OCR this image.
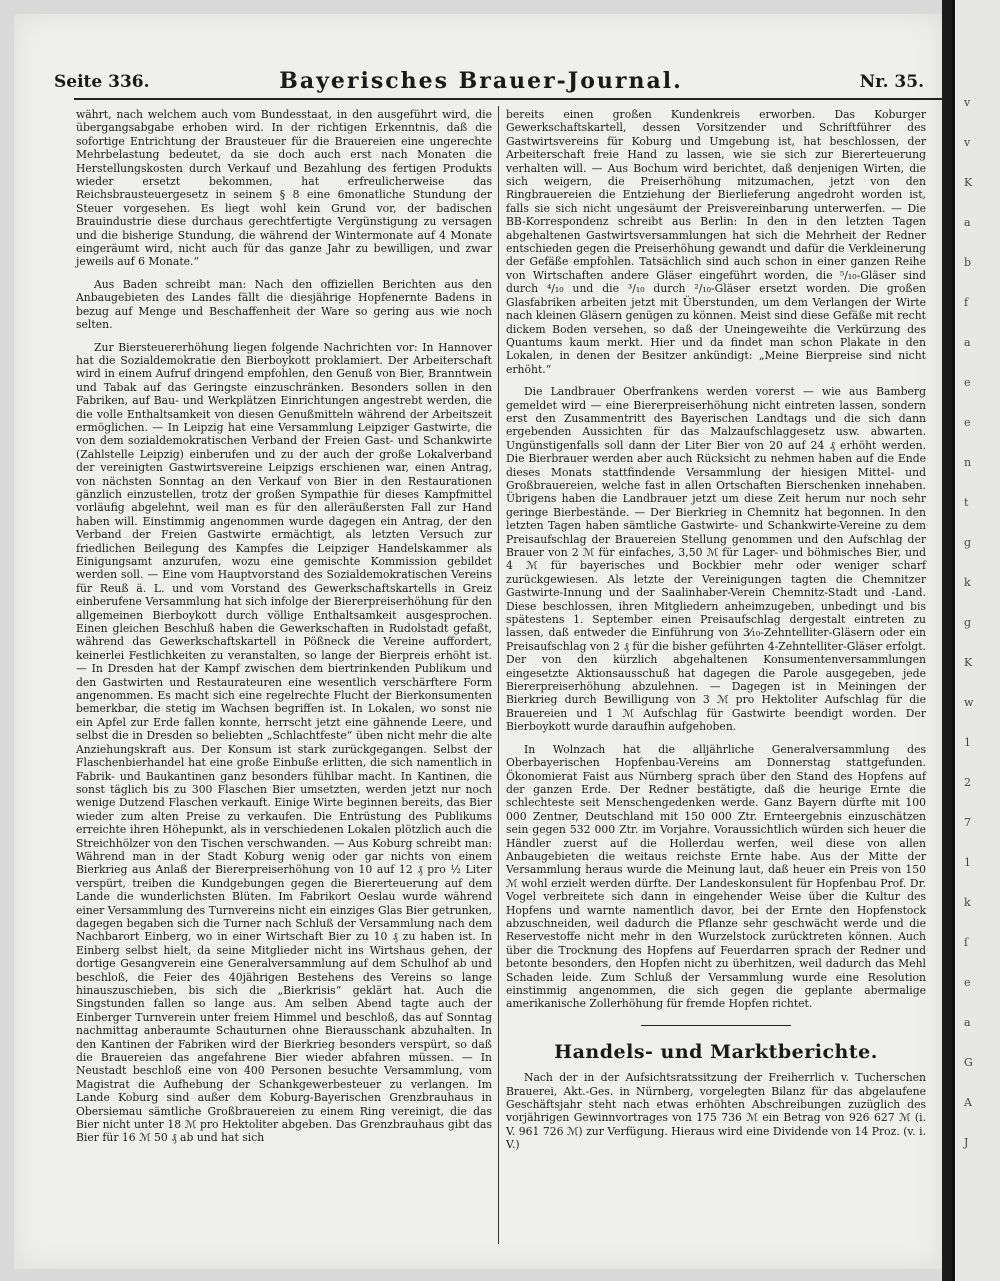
Seite 336.	Bayerisches Brauer-Journal.	Nr. 35.

währt, nach welchem auch vom Bundesstaat, in den ausgeführt wird, die übergangsabgabe erhoben wird. In der richtigen Erkenntnis, daß die sofortige Entrichtung der Brausteuer für die Brauereien eine ungerechte Mehrbelastung bedeutet, da sie doch auch erst nach Monaten die Herstellungskosten durch Verkauf und Bezahlung des fertigen Produkts wieder ersetzt bekommen, hat erfreulicherweise das Reichsbrausteuergesetz in seinem § 8 eine 6monatliche Stundung der Steuer vorgesehen. Es liegt wohl kein Grund vor, der badischen Brauindustrie diese durchaus gerechtfertigte Vergünstigung zu versagen und die bisherige Stundung, die während der Wintermonate auf 4 Monate eingeräumt wird, nicht auch für das ganze Jahr zu bewilligen, und zwar jeweils auf 6 Monate.“

Aus Baden schreibt man: Nach den offiziellen Berichten aus den Anbaugebieten des Landes fällt die diesjährige Hopfenernte Badens in bezug auf Menge und Beschaffenheit der Ware so gering aus wie noch selten.

Zur Biersteuererhöhung liegen folgende Nachrichten vor: In Hannover hat die Sozialdemokratie den Bierboykott proklamiert. Der Arbeiterschaft wird in einem Aufruf dringend empfohlen, den Genuß von Bier, Branntwein und Tabak auf das Geringste einzuschränken. Besonders sollen in den Fabriken, auf Bau- und Werkplätzen Einrichtungen angestrebt werden, die die volle Enthaltsamkeit von diesen Genußmitteln während der Arbeitszeit ermöglichen. — In Leipzig hat eine Versammlung Leipziger Gastwirte, die von dem sozialdemokratischen Verband der Freien Gast- und Schankwirte (Zahlstelle Leipzig) einberufen und zu der auch der große Lokalverband der vereinigten Gastwirtsvereine Leipzigs erschienen war, einen Antrag, von nächsten Sonntag an den Verkauf von Bier in den Restaurationen gänzlich einzustellen, trotz der großen Sympathie für dieses Kampfmittel vorläufig abgelehnt, weil man es für den alleräußersten Fall zur Hand haben will. Einstimmig angenommen wurde dagegen ein Antrag, der den Verband der Freien Gastwirte ermächtigt, als letzten Versuch zur friedlichen Beilegung des Kampfes die Leipziger Handelskammer als Einigungsamt anzurufen, wozu eine gemischte Kommission gebildet werden soll. — Eine vom Hauptvorstand des Sozialdemokratischen Vereins für Reuß ä. L. und vom Vorstand des Gewerkschaftskartells in Greiz einberufene Versammlung hat sich infolge der Biererpreiserhöhung für den allgemeinen Bierboykott durch völlige Enthaltsamkeit ausgesprochen. Einen gleichen Beschluß haben die Gewerkschaften in Rudolstadt gefaßt, während das Gewerkschaftskartell in Pößneck die Vereine auffordert, keinerlei Festlichkeiten zu veranstalten, so lange der Bierpreis erhöht ist. — In Dresden hat der Kampf zwischen dem biertrinkenden Publikum und den Gastwirten und Restaurateuren eine wesentlich verschärftere Form angenommen. Es macht sich eine regelrechte Flucht der Bierkonsumenten bemerkbar, die stetig im Wachsen begriffen ist. In Lokalen, wo sonst nie ein Apfel zur Erde fallen konnte, herrscht jetzt eine gähnende Leere, und selbst die in Dresden so beliebten „Schlachtfeste“ üben nicht mehr die alte Anziehungskraft aus. Der Konsum ist stark zurückgegangen. Selbst der Flaschenbierhandel hat eine große Einbuße erlitten, die sich namentlich in Fabrik- und Baukantinen ganz besonders fühlbar macht. In Kantinen, die sonst täglich bis zu 300 Flaschen Bier umsetzten, werden jetzt nur noch wenige Dutzend Flaschen verkauft. Einige Wirte beginnen bereits, das Bier wieder zum alten Preise zu verkaufen. Die Entrüstung des Publikums erreichte ihren Höhepunkt, als in verschiedenen Lokalen plötzlich auch die Streichhölzer von den Tischen verschwanden. — Aus Koburg schreibt man: Während man in der Stadt Koburg wenig oder gar nichts von einem Bierkrieg aus Anlaß der Biererpreiserhöhung von 10 auf 12 ₰ pro ½ Liter verspürt, treiben die Kundgebungen gegen die Biererteuerung auf dem Lande die wunderlichsten Blüten. Im Fabrikort Oeslau wurde während einer Versammlung des Turnvereins nicht ein einziges Glas Bier getrunken, dagegen begaben sich die Turner nach Schluß der Versammlung nach dem Nachbarort Einberg, wo in einer Wirtschaft Bier zu 10 ₰ zu haben ist. In Einberg selbst hielt, da seine Mitglieder nicht ins Wirtshaus gehen, der dortige Gesangverein eine Generalversammlung auf dem Schulhof ab und beschloß, die Feier des 40jährigen Bestehens des Vereins so lange hinauszuschieben, bis sich die „Bierkrisis“ geklärt hat. Auch die Singstunden fallen so lange aus. Am selben Abend tagte auch der Einberger Turnverein unter freiem Himmel und beschloß, das auf Sonntag nachmittag anberaumte Schauturnen ohne Bierausschank abzuhalten. In den Kantinen der Fabriken wird der Bierkrieg besonders verspürt, so daß die Brauereien das angefahrene Bier wieder abfahren müssen. — In Neustadt beschloß eine von 400 Personen besuchte Versammlung, vom Magistrat die Aufhebung der Schankgewerbesteuer zu verlangen. Im Lande Koburg sind außer dem Koburg-Bayerischen Grenzbrauhaus in Obersiemau sämtliche Großbrauereien zu einem Ring vereinigt, die das Bier nicht unter 18 ℳ pro Hektoliter abgeben. Das Grenzbrauhaus gibt das Bier für 16 ℳ 50 ₰ ab und hat sich

bereits einen großen Kundenkreis erworben. Das Koburger Gewerkschaftskartell, dessen Vorsitzender und Schriftführer des Gastwirtsvereins für Koburg und Umgebung ist, hat beschlossen, der Arbeiterschaft freie Hand zu lassen, wie sie sich zur Biererteuerung verhalten will. — Aus Bochum wird berichtet, daß denjenigen Wirten, die sich weigern, die Preiserhöhung mitzumachen, jetzt von den Ringbrauereien die Entziehung der Bierlieferung angedroht worden ist, falls sie sich nicht ungesäumt der Preisvereinbarung unterwerfen. — Die BB-Korrespondenz schreibt aus Berlin: In den in den letzten Tagen abgehaltenen Gastwirtsversammlungen hat sich die Mehrheit der Redner entschieden gegen die Preiserhöhung gewandt und dafür die Verkleinerung der Gefäße empfohlen. Tatsächlich sind auch schon in einer ganzen Reihe von Wirtschaften andere Gläser eingeführt worden, die ⁵/₁₀-Gläser sind durch ⁴/₁₀ und die ³/₁₀ durch ²/₁₀-Gläser ersetzt worden. Die großen Glasfabriken arbeiten jetzt mit Überstunden, um dem Verlangen der Wirte nach kleinen Gläsern genügen zu können. Meist sind diese Gefäße mit recht dickem Boden versehen, so daß der Uneingeweihte die Verkürzung des Quantums kaum merkt. Hier und da findet man schon Plakate in den Lokalen, in denen der Besitzer ankündigt: „Meine Bierpreise sind nicht erhöht.“

Die Landbrauer Oberfrankens werden vorerst — wie aus Bamberg gemeldet wird — eine Biererpreiserhöhung nicht eintreten lassen, sondern erst den Zusammentritt des Bayerischen Landtags und die sich dann ergebenden Aussichten für das Malzaufschlaggesetz usw. abwarten. Ungünstigenfalls soll dann der Liter Bier von 20 auf 24 ₰ erhöht werden. Die Bierbrauer werden aber auch Rücksicht zu nehmen haben auf die Ende dieses Monats stattfindende Versammlung der hiesigen Mittel- und Großbrauereien, welche fast in allen Ortschaften Bierschenken innehaben. Übrigens haben die Landbrauer jetzt um diese Zeit herum nur noch sehr geringe Bierbestände. — Der Bierkrieg in Chemnitz hat begonnen. In den letzten Tagen haben sämtliche Gastwirte- und Schankwirte-Vereine zu dem Preisaufschlag der Brauereien Stellung genommen und den Aufschlag der Brauer von 2 ℳ für einfaches, 3,50 ℳ für Lager- und böhmisches Bier, und 4 ℳ für bayerisches und Bockbier mehr oder weniger scharf zurückgewiesen. Als letzte der Vereinigungen tagten die Chemnitzer Gastwirte-Innung und der Saalinhaber-Verein Chemnitz-Stadt und -Land. Diese beschlossen, ihren Mitgliedern anheimzugeben, unbedingt und bis spätestens 1. September einen Preisaufschlag dergestalt eintreten zu lassen, daß entweder die Einführung von 3⁄₁₀-Zehntelliter-Gläsern oder ein Preisaufschlag von 2 ₰ für die bisher geführten 4-Zehntelliter-Gläser erfolgt. Der von den kürzlich abgehaltenen Konsumentenversammlungen eingesetzte Aktionsausschuß hat dagegen die Parole ausgegeben, jede Biererpreiserhöhung abzulehnen. — Dagegen ist in Meiningen der Bierkrieg durch Bewilligung von 3 ℳ pro Hektoliter Aufschlag für die Brauereien und 1 ℳ Aufschlag für Gastwirte beendigt worden. Der Bierboykott wurde daraufhin aufgehoben.

In Wolnzach hat die alljährliche Generalversammlung des Oberbayerischen Hopfenbau-Vereins am Donnerstag stattgefunden. Ökonomierat Faist aus Nürnberg sprach über den Stand des Hopfens auf der ganzen Erde. Der Redner bestätigte, daß die heurige Ernte die schlechteste seit Menschengedenken werde. Ganz Bayern dürfte mit 100 000 Zentner, Deutschland mit 150 000 Ztr. Ernteergebnis einzuschätzen sein gegen 532 000 Ztr. im Vorjahre. Voraussichtlich würden sich heuer die Händler zuerst auf die Hollerdau werfen, weil diese von allen Anbaugebieten die weitaus reichste Ernte habe. Aus der Mitte der Versammlung heraus wurde die Meinung laut, daß heuer ein Preis von 150 ℳ wohl erzielt werden dürfte. Der Landeskonsulent für Hopfenbau Prof. Dr. Vogel verbreitete sich dann in eingehender Weise über die Kultur des Hopfens und warnte namentlich davor, bei der Ernte den Hopfenstock abzuschneiden, weil dadurch die Pflanze sehr geschwächt werde und die Reservestoffe nicht mehr in den Wurzelstock zurücktreten können. Auch über die Trocknung des Hopfens auf Feuerdarren sprach der Redner und betonte besonders, den Hopfen nicht zu überhitzen, weil dadurch das Mehl Schaden leide. Zum Schluß der Versammlung wurde eine Resolution einstimmig angenommen, die sich gegen die geplante abermalige amerikanische Zollerhöhung für fremde Hopfen richtet.

Handels- und Marktberichte.

Nach der in der Aufsichtsratssitzung der Freiherrlich v. Tucherschen Brauerei, Akt.-Ges. in Nürnberg, vorgelegten Bilanz für das abgelaufene Geschäftsjahr steht nach etwas erhöhten Abschreibungen zuzüglich des vorjährigen Gewinnvortrages von 175 736 ℳ ein Betrag von 926 627 ℳ (i. V. 961 726 ℳ) zur Verfügung. Hieraus wird eine Dividende von 14 Proz. (v. i. V.)

v
v
K
a
b
f
a
e
e
n
t
g
k
g
K
w
1
2
7
1
k
ſ
e
a
G
A
J
